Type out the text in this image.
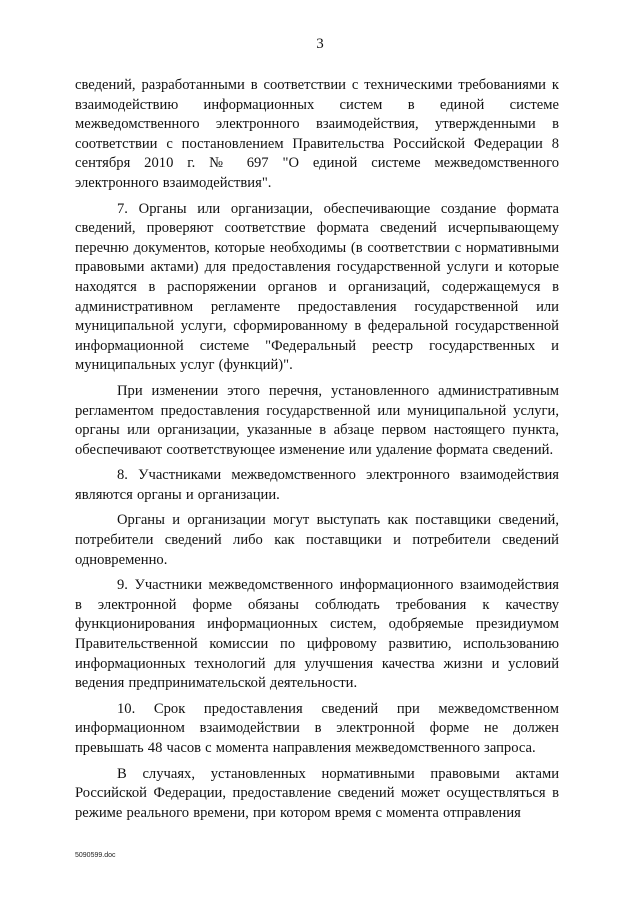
3

сведений, разработанными в соответствии с техническими требованиями к взаимодействию информационных систем в единой системе межведомственного электронного взаимодействия, утвержденными в соответствии с постановлением Правительства Российской Федерации 8 сентября 2010 г. № 697 "О единой системе межведомственного электронного взаимодействия".

7. Органы или организации, обеспечивающие создание формата сведений, проверяют соответствие формата сведений исчерпывающему перечню документов, которые необходимы (в соответствии с нормативными правовыми актами) для предоставления государственной услуги и которые находятся в распоряжении органов и организаций, содержащемуся в административном регламенте предоставления государственной или муниципальной услуги, сформированному в федеральной государственной информационной системе "Федеральный реестр государственных и муниципальных услуг (функций)".

При изменении этого перечня, установленного административным регламентом предоставления государственной или муниципальной услуги, органы или организации, указанные в абзаце первом настоящего пункта, обеспечивают соответствующее изменение или удаление формата сведений.

8. Участниками межведомственного электронного взаимодействия являются органы и организации.

Органы и организации могут выступать как поставщики сведений, потребители сведений либо как поставщики и потребители сведений одновременно.

9. Участники межведомственного информационного взаимодействия в электронной форме обязаны соблюдать требования к качеству функционирования информационных систем, одобряемые президиумом Правительственной комиссии по цифровому развитию, использованию информационных технологий для улучшения качества жизни и условий ведения предпринимательской деятельности.

10. Срок предоставления сведений при межведомственном информационном взаимодействии в электронной форме не должен превышать 48 часов с момента направления межведомственного запроса.

В случаях, установленных нормативными правовыми актами Российской Федерации, предоставление сведений может осуществляться в режиме реального времени, при котором время с момента отправления

5090599.doc
